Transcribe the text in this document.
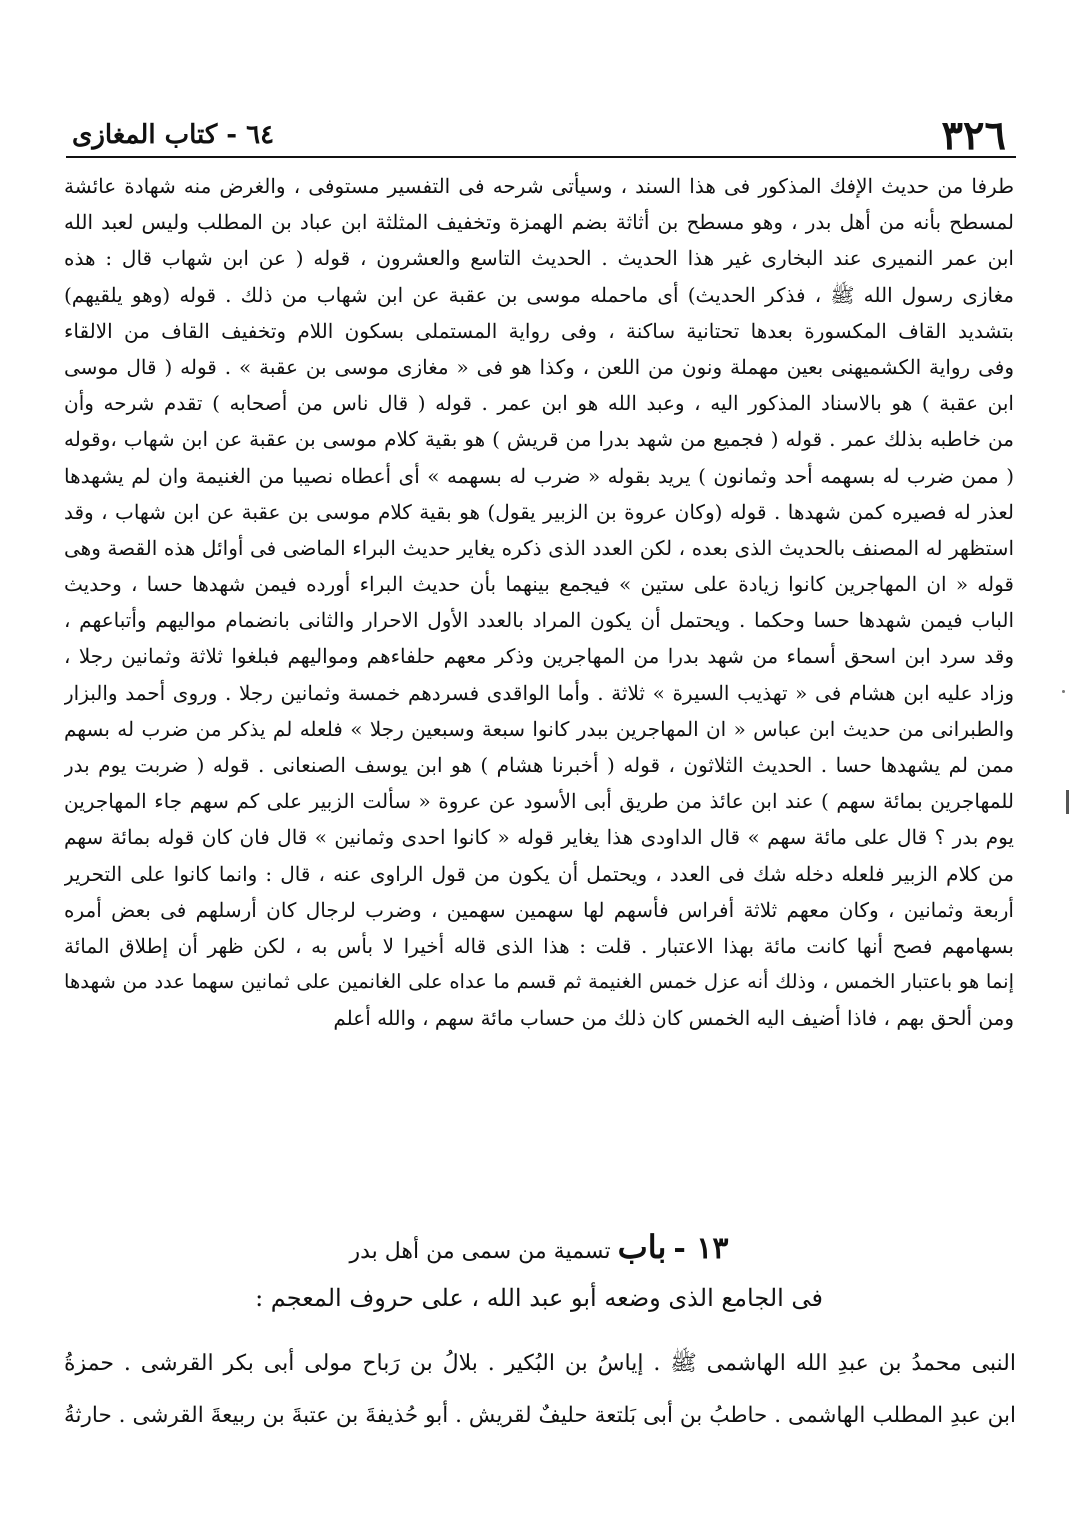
٦٤ - كتاب المغازى	٣٢٦
طرفا من حديث الإفك المذكور فى هذا السند ، وسيأتى شرحه فى التفسير مستوفى ، والغرض منه شهادة عائشة
لمسطح بأنه من أهل بدر ، وهو مسطح بن أثاثة بضم الهمزة وتخفيف المثلثة ابن عباد بن المطلب وليس لعبد الله
ابن عمر النميرى عند البخارى غير هذا الحديث . الحديث التاسع والعشرون ، قوله ( عن ابن شهاب قال : هذه
مغازى رسول الله ﷺ ، فذكر الحديث) أى ماحمله موسى بن عقبة عن ابن شهاب من ذلك . قوله (وهو يلقيهم)
بتشديد القاف المكسورة بعدها تحتانية ساكنة ، وفى رواية المستملى بسكون اللام وتخفيف القاف من الالقاء
وفى رواية الكشميهنى بعين مهملة ونون من اللعن ، وكذا هو فى « مغازى موسى بن عقبة » . قوله ( قال موسى
ابن عقبة ) هو بالاسناد المذكور اليه ، وعبد الله هو ابن عمر . قوله ( قال ناس من أصحابه ) تقدم شرحه وأن
من خاطبه بذلك عمر . قوله ( فجميع من شهد بدرا من قريش ) هو بقية كلام موسى بن عقبة عن ابن شهاب ،وقوله
( ممن ضرب له بسهمه أحد وثمانون ) يريد بقوله « ضرب له بسهمه » أى أعطاه نصيبا من الغنيمة وان لم يشهدها
لعذر له فصيره كمن شهدها . قوله (وكان عروة بن الزبير يقول) هو بقية كلام موسى بن عقبة عن ابن شهاب ، وقد
استظهر له المصنف بالحديث الذى بعده ، لكن العدد الذى ذكره يغاير حديث البراء الماضى فى أوائل هذه القصة وهى
قوله « ان المهاجرين كانوا زيادة على ستين » فيجمع بينهما بأن حديث البراء أورده فيمن شهدها حسا ، وحديث
الباب فيمن شهدها حسا وحكما . ويحتمل أن يكون المراد بالعدد الأول الاحرار والثانى بانضمام مواليهم وأتباعهم ،
وقد سرد ابن اسحق أسماء من شهد بدرا من المهاجرين وذكر معهم حلفاءهم ومواليهم فبلغوا ثلاثة وثمانين رجلا ،
وزاد عليه ابن هشام فى « تهذيب السيرة » ثلاثة . وأما الواقدى فسردهم خمسة وثمانين رجلا . وروى أحمد والبزار
والطبرانى من حديث ابن عباس « ان المهاجرين ببدر كانوا سبعة وسبعين رجلا » فلعله لم يذكر من ضرب له بسهم
ممن لم يشهدها حسا . الحديث الثلاثون ، قوله ( أخبرنا هشام ) هو ابن يوسف الصنعانى . قوله ( ضربت يوم بدر
للمهاجرين بمائة سهم ) عند ابن عائذ من طريق أبى الأسود عن عروة « سألت الزبير على كم سهم جاء المهاجرين
يوم بدر ؟ قال على مائة سهم » قال الداودى هذا يغاير قوله « كانوا احدى وثمانين » قال فان كان قوله بمائة سهم
من كلام الزبير فلعله دخله شك فى العدد ، ويحتمل أن يكون من قول الراوى عنه ، قال : وانما كانوا على التحرير
أربعة وثمانين ، وكان معهم ثلاثة أفراس فأسهم لها سهمين سهمين ، وضرب لرجال كان أرسلهم فى بعض أمره
بسهامهم فصح أنها كانت مائة بهذا الاعتبار . قلت : هذا الذى قاله أخيرا لا بأس به ، لكن ظهر أن إطلاق المائة
إنما هو باعتبار الخمس ، وذلك أنه عزل خمس الغنيمة ثم قسم ما عداه على الغانمين على ثمانين سهما عدد من شهدها
ومن ألحق بهم ، فاذا أضيف اليه الخمس كان ذلك من حساب مائة سهم ، والله أعلم
١٣ - باب تسمية من سمى من أهل بدر
فى الجامع الذى وضعه أبو عبد الله ، على حروف المعجم :
النبى محمدُ بن عبدِ الله الهاشمى ﷺ . إياسُ بن البُكير . بلالُ بن رَباح مولى أبى بكر القرشى . حمزةُ
ابن عبدِ المطلب الهاشمى . حاطبُ بن أبى بَلتعة حليفٌ لقريش . أبو حُذيفةَ بن عتبةَ بن ربيعةَ القرشى . حارثةُ
